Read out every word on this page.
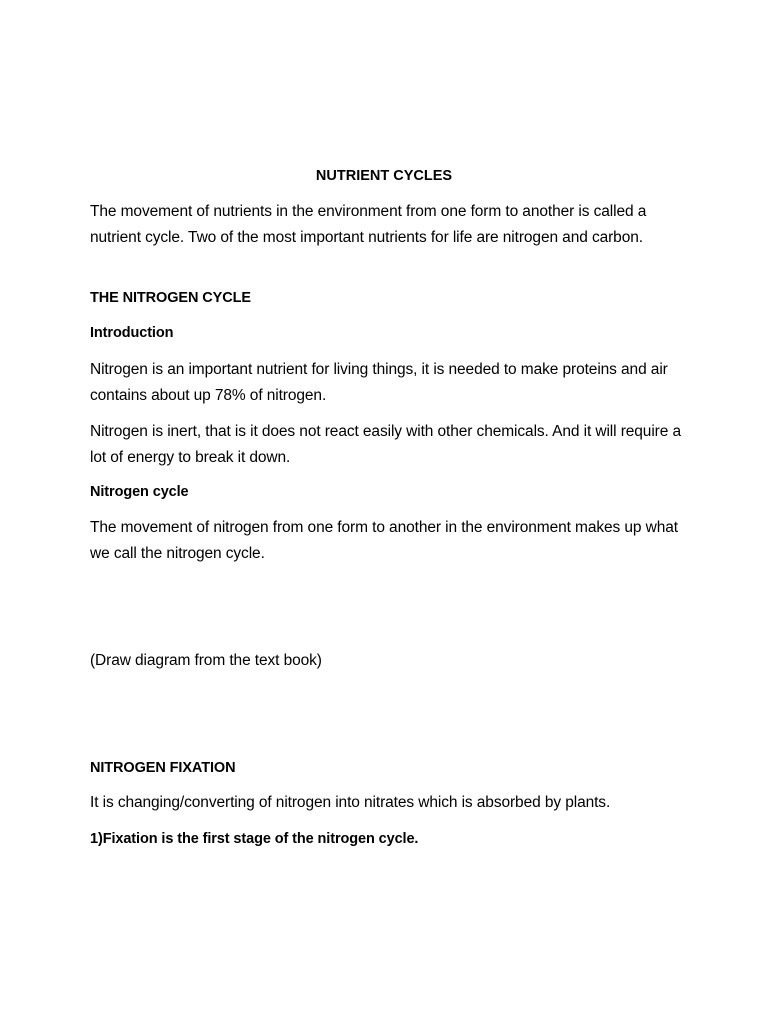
NUTRIENT CYCLES

The movement of nutrients in the environment from one form to another is called a nutrient cycle. Two of the most important nutrients for life are nitrogen and carbon.

THE NITROGEN CYCLE

Introduction

Nitrogen is an important nutrient for living things, it is needed to make proteins and air contains about up 78% of nitrogen.

Nitrogen is inert, that is it does not react easily with other chemicals. And it will require a lot of energy to break it down.

Nitrogen cycle

The movement of nitrogen from one form to another in the environment makes up what we call the nitrogen cycle.

(Draw diagram from the text book)

NITROGEN FIXATION

It is changing/converting of nitrogen into nitrates which is absorbed by plants.

1)Fixation is the first stage of the nitrogen cycle.
